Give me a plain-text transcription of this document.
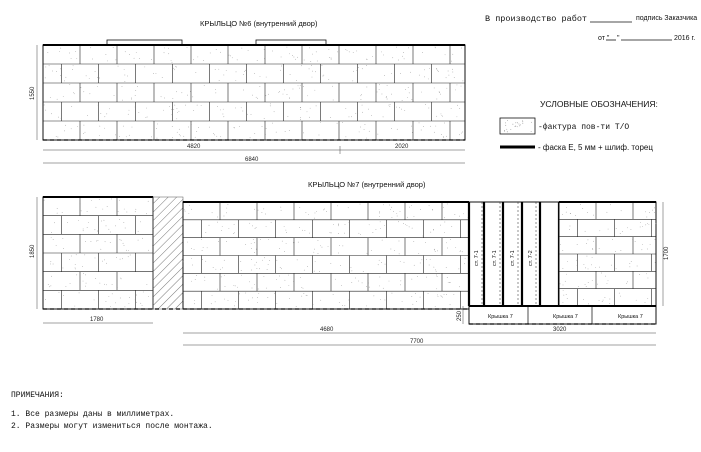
В производство работ	подпись Заказчика
от " "	2016 г.
КРЫЛЬЦО №6 (внутренний двор)
1550
4820	2020
6840
УСЛОВНЫЕ ОБОЗНАЧЕНИЯ:
-фактура пов-ти Т/О
- фаска Е, 5 мм + шлиф. торец
КРЫЛЬЦО №7 (внутренний двор)
ст. 7-1 ст. 7-1 ст. 7-1 ст. 7-2
Крышка 7	Крышка 7	Крышка 7
1850	1700
250
1780
4680	3020
7700
ПРИМЕЧАНИЯ:
1. Все размеры даны в миллиметрах.
2. Размеры могут измениться после монтажа.
